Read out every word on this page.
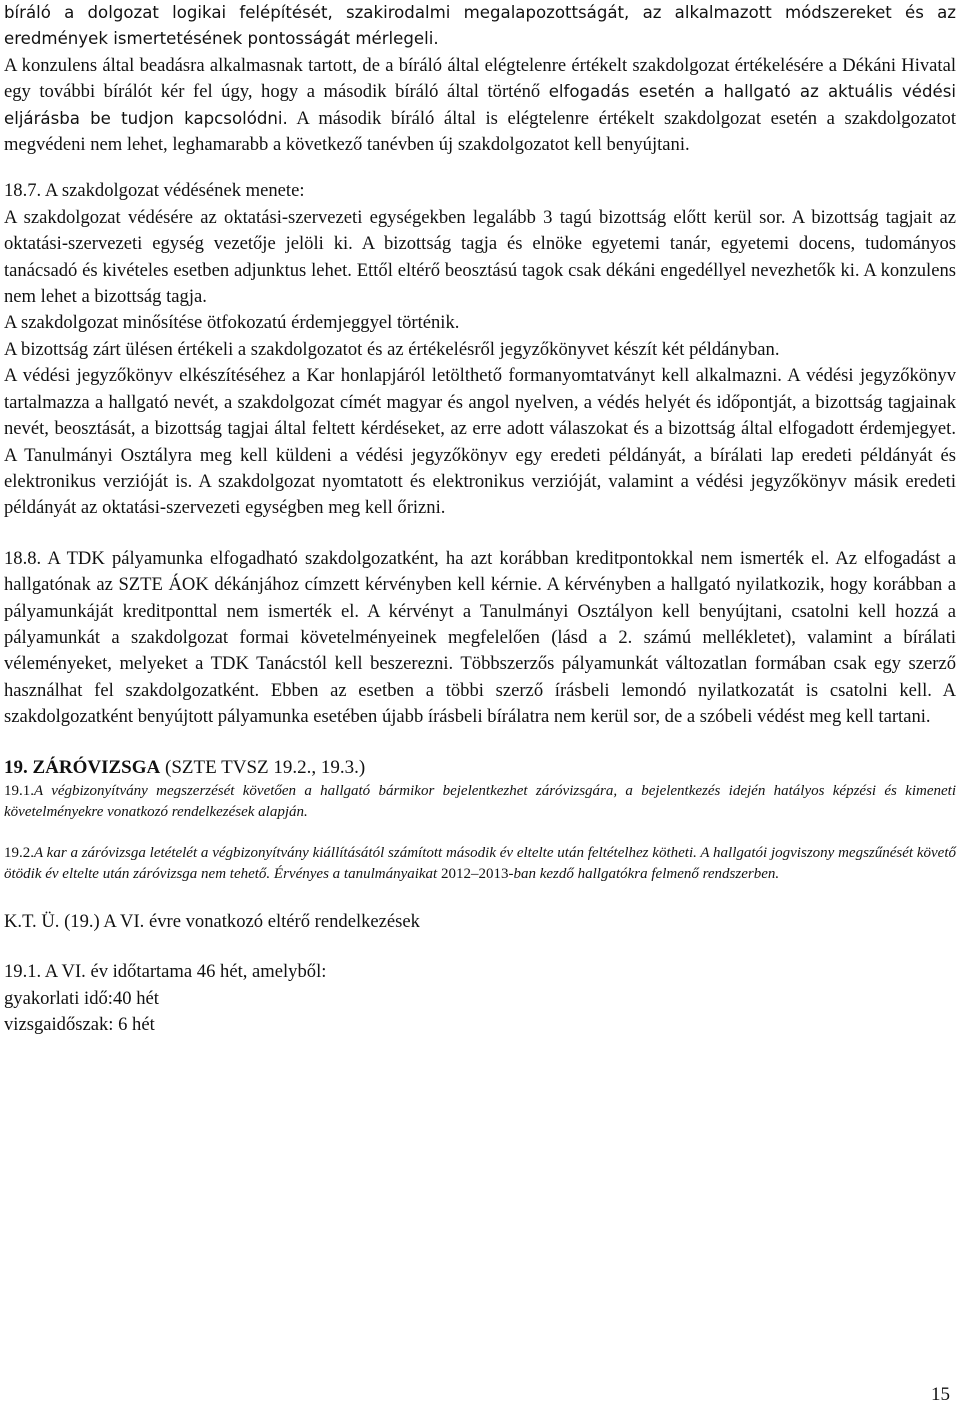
bíráló a dolgozat logikai felépítését, szakirodalmi megalapozottságát, az alkalmazott módszereket és az eredmények ismertetésének pontosságát mérlegeli.

A konzulens által beadásra alkalmasnak tartott, de a bíráló által elégtelenre értékelt szakdolgozat értékelésére a Dékáni Hivatal egy további bírálót kér fel úgy, hogy a második bíráló által történő elfogadás esetén a hallgató az aktuális védési eljárásba be tudjon kapcsolódni. A második bíráló által is elégtelenre értékelt szakdolgozat esetén a szakdolgozatot megvédeni nem lehet, leghamarabb a következő tanévben új szakdolgozatot kell benyújtani.

18.7. A szakdolgozat védésének menete:

A szakdolgozat védésére az oktatási-szervezeti egységekben legalább 3 tagú bizottság előtt kerül sor. A bizottság tagjait az oktatási-szervezeti egység vezetője jelöli ki. A bizottság tagja és elnöke egyetemi tanár, egyetemi docens, tudományos tanácsadó és kivételes esetben adjunktus lehet. Ettől eltérő beosztású tagok csak dékáni engedéllyel nevezhetők ki. A konzulens nem lehet a bizottság tagja.

A szakdolgozat minősítése ötfokozatú érdemjeggyel történik.

A bizottság zárt ülésen értékeli a szakdolgozatot és az értékelésről jegyzőkönyvet készít két példányban.

A védési jegyzőkönyv elkészítéséhez a Kar honlapjáról letölthető formanyomtatványt kell alkalmazni. A védési jegyzőkönyv tartalmazza a hallgató nevét, a szakdolgozat címét magyar és angol nyelven, a védés helyét és időpontját, a bizottság tagjainak nevét, beosztását, a bizottság tagjai által feltett kérdéseket, az erre adott válaszokat és a bizottság által elfogadott érdemjegyet. A Tanulmányi Osztályra meg kell küldeni a védési jegyzőkönyv egy eredeti példányát, a bírálati lap eredeti példányát és elektronikus verzióját is. A szakdolgozat nyomtatott és elektronikus verzióját, valamint a védési jegyzőkönyv másik eredeti példányát az oktatási-szervezeti egységben meg kell őrizni.

18.8. A TDK pályamunka elfogadható szakdolgozatként, ha azt korábban kreditpontokkal nem ismerték el. Az elfogadást a hallgatónak az SZTE ÁOK dékánjához címzett kérvényben kell kérnie. A kérvényben a hallgató nyilatkozik, hogy korábban a pályamunkáját kreditponttal nem ismerték el. A kérvényt a Tanulmányi Osztályon kell benyújtani, csatolni kell hozzá a pályamunkát a szakdolgozat formai követelményeinek megfelelően (lásd a 2. számú mellékletet), valamint a bírálati véleményeket, melyeket a TDK Tanácstól kell beszerezni. Többszerzős pályamunkát változatlan formában csak egy szerző használhat fel szakdolgozatként. Ebben az esetben a többi szerző írásbeli lemondó nyilatkozatát is csatolni kell. A szakdolgozatként benyújtott pályamunka esetében újabb írásbeli bírálatra nem kerül sor, de a szóbeli védést meg kell tartani.

19. ZÁRÓVIZSGA (SZTE TVSZ 19.2., 19.3.)

19.1.A végbizonyítvány megszerzését követően a hallgató bármikor bejelentkezhet záróvizsgára, a bejelentkezés idején hatályos képzési és kimeneti követelményekre vonatkozó rendelkezések alapján.

19.2.A kar a záróvizsga letételét a végbizonyítvány kiállításától számított második év eltelte után feltételhez kötheti. A hallgatói jogviszony megszűnését követő ötödik év eltelte után záróvizsga nem tehető. Érvényes a tanulmányaikat 2012–2013-ban kezdő hallgatókra felmenő rendszerben.

K.T. Ü. (19.) A VI. évre vonatkozó eltérő rendelkezések

19.1. A VI. év időtartama 46 hét, amelyből:

gyakorlati idő:40 hét

vizsgaidőszak: 6 hét

15
